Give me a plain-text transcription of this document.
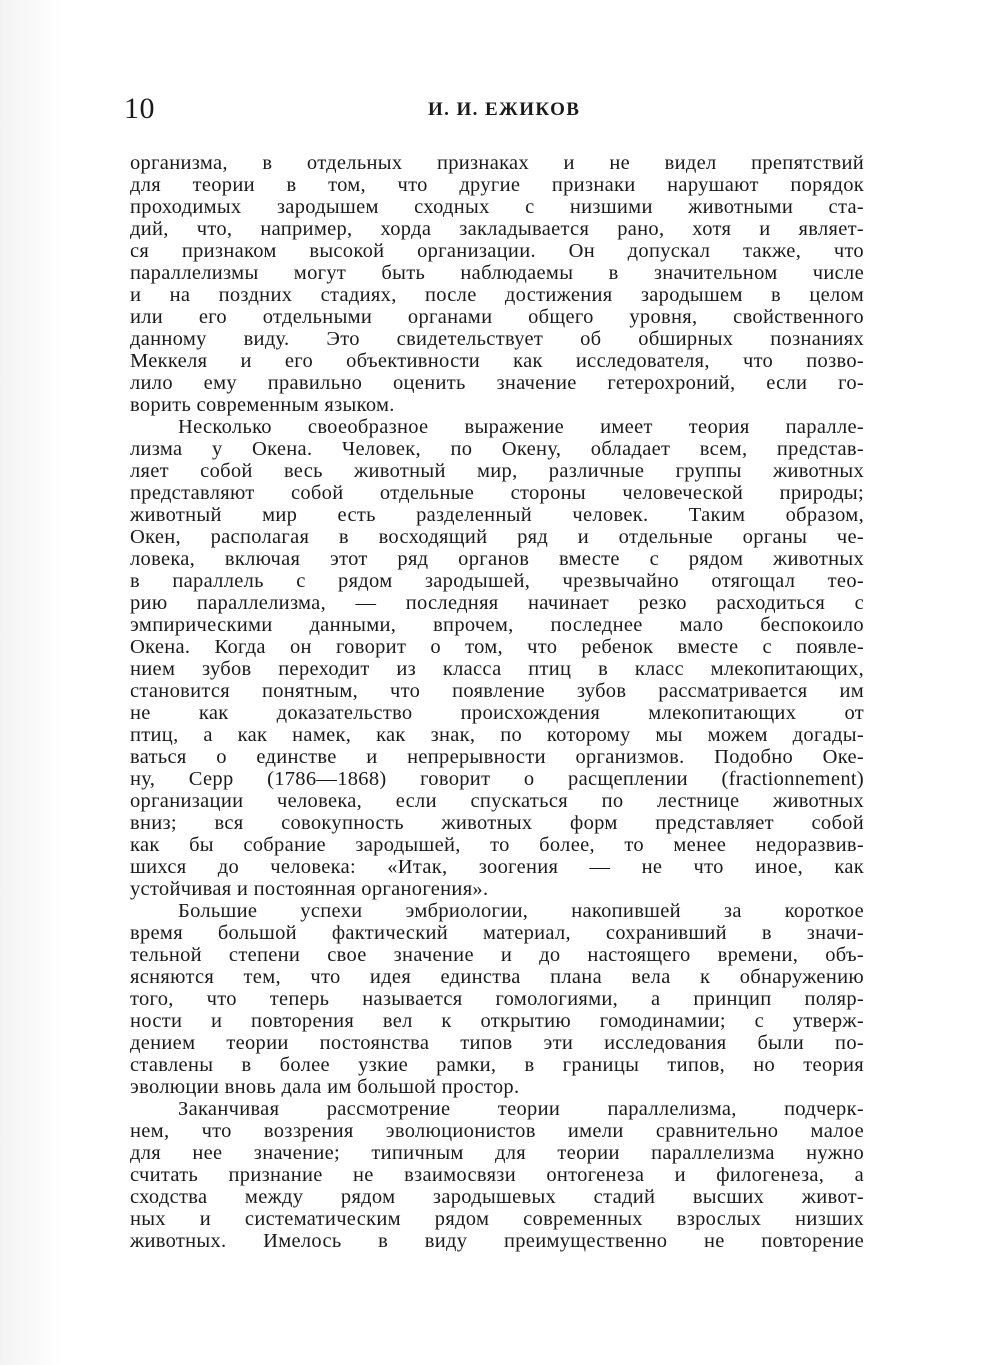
10	И. И. ЕЖИКОВ
организма, в отдельных признаках и не видел препятствий
для теории в том, что другие признаки нарушают порядок
проходимых зародышем сходных с низшими животными ста-
дий, что, например, хорда закладывается рано, хотя и являет-
ся признаком высокой организации. Он допускал также, что
параллелизмы могут быть наблюдаемы в значительном числе
и на поздних стадиях, после достижения зародышем в целом
или его отдельными органами общего уровня, свойственного
данному виду. Это свидетельствует об обширных познаниях
Меккеля и его объективности как исследователя, что позво-
лило ему правильно оценить значение гетерохроний, если го-
ворить современным языком.
Несколько своеобразное выражение имеет теория паралле-
лизма у Окена. Человек, по Окену, обладает всем, представ-
ляет собой весь животный мир, различные группы животных
представляют собой отдельные стороны человеческой природы;
животный мир есть разделенный человек. Таким образом,
Окен, располагая в восходящий ряд и отдельные органы че-
ловека, включая этот ряд органов вместе с рядом животных
в параллель с рядом зародышей, чрезвычайно отягощал тео-
рию параллелизма, — последняя начинает резко расходиться с
эмпирическими данными, впрочем, последнее мало беспокоило
Окена. Когда он говорит о том, что ребенок вместе с появле-
нием зубов переходит из класса птиц в класс млекопитающих,
становится понятным, что появление зубов рассматривается им
не как доказательство происхождения млекопитающих от
птиц, а как намек, как знак, по которому мы можем догады-
ваться о единстве и непрерывности организмов. Подобно Оке-
ну, Серр (1786—1868) говорит о расщеплении (fractionnement)
организации человека, если спускаться по лестнице животных
вниз; вся совокупность животных форм представляет собой
как бы собрание зародышей, то более, то менее недоразвив-
шихся до человека: «Итак, зоогения — не что иное, как
устойчивая и постоянная органогения».
Большие успехи эмбриологии, накопившей за короткое
время большой фактический материал, сохранивший в значи-
тельной степени свое значение и до настоящего времени, объ-
ясняются тем, что идея единства плана вела к обнаружению
того, что теперь называется гомологиями, а принцип поляр-
ности и повторения вел к открытию гомодинамии; с утверж-
дением теории постоянства типов эти исследования были по-
ставлены в более узкие рамки, в границы типов, но теория
эволюции вновь дала им большой простор.
Заканчивая рассмотрение теории параллелизма, подчерк-
нем, что воззрения эволюционистов имели сравнительно малое
для нее значение; типичным для теории параллелизма нужно
считать признание не взаимосвязи онтогенеза и филогенеза, а
сходства между рядом зародышевых стадий высших живот-
ных и систематическим рядом современных взрослых низших
животных. Имелось в виду преимущественно не повторение
